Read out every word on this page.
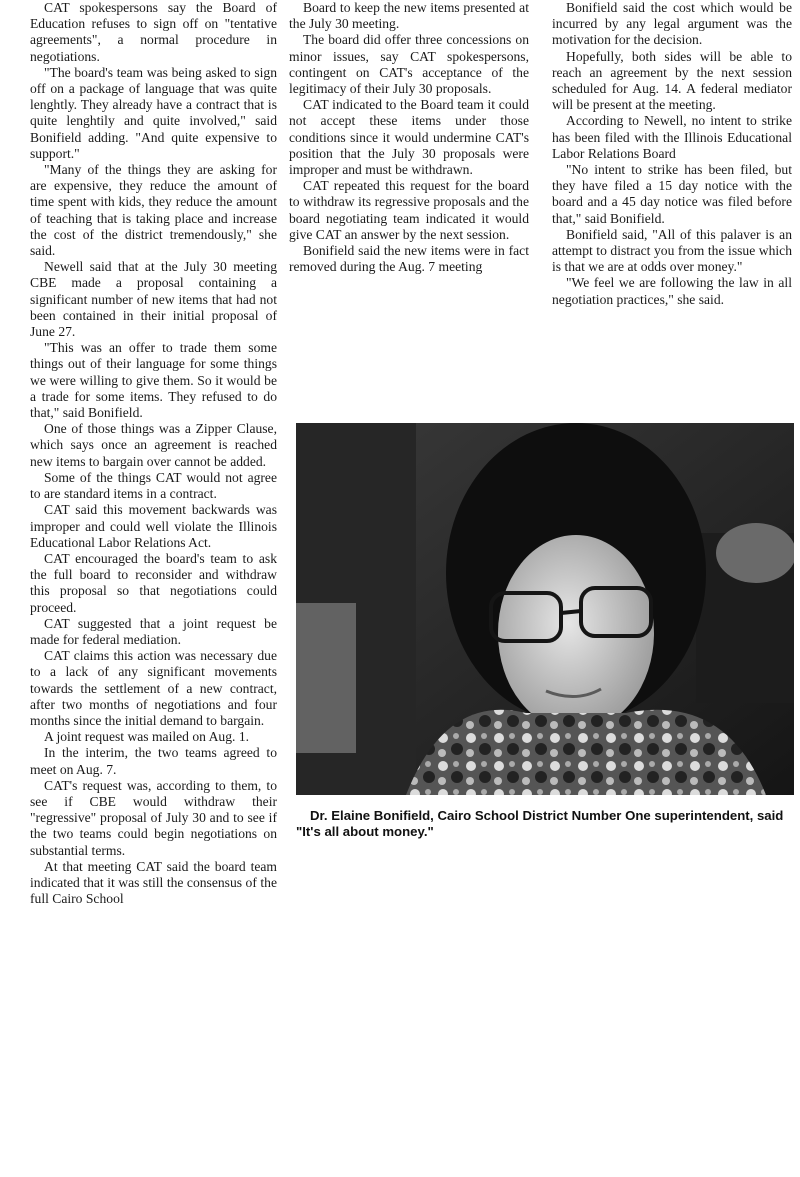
CAT spokespersons say the Board of Education refuses to sign off on "tentative agreements", a normal procedure in negotiations.

"The board's team was being asked to sign off on a package of language that was quite lenghtly. They already have a contract that is quite lenghtily and quite involved," said Bonifield adding. "And quite expensive to support."

"Many of the things they are asking for are expensive, they reduce the amount of time spent with kids, they reduce the amount of teaching that is taking place and increase the cost of the district tremendously," she said.

Newell said that at the July 30 meeting CBE made a proposal containing a significant number of new items that had not been contained in their initial proposal of June 27.

"This was an offer to trade them some things out of their language for some things we were willing to give them. So it would be a trade for some items. They refused to do that," said Bonifield.

One of those things was a Zipper Clause, which says once an agreement is reached new items to bargain over cannot be added.

Some of the things CAT would not agree to are standard items in a contract.

CAT said this movement backwards was improper and could well violate the Illinois Educational Labor Relations Act.

CAT encouraged the board's team to ask the full board to reconsider and withdraw this proposal so that negotiations could proceed.

CAT suggested that a joint request be made for federal mediation.

CAT claims this action was necessary due to a lack of any significant movements towards the settlement of a new contract, after two months of negotiations and four months since the initial demand to bargain.

A joint request was mailed on Aug. 1.

In the interim, the two teams agreed to meet on Aug. 7.

CAT's request was, according to them, to see if CBE would withdraw their "regressive" proposal of July 30 and to see if the two teams could begin negotiations on substantial terms.

At that meeting CAT said the board team indicated that it was still the consensus of the full Cairo School

Board to keep the new items presented at the July 30 meeting.

The board did offer three concessions on minor issues, say CAT spokespersons, contingent on CAT's acceptance of the legitimacy of their July 30 proposals.

CAT indicated to the Board team it could not accept these items under those conditions since it would undermine CAT's position that the July 30 proposals were improper and must be withdrawn.

CAT repeated this request for the board to withdraw its regressive proposals and the board negotiating team indicated it would give CAT an answer by the next session.

Bonifield said the new items were in fact removed during the Aug. 7 meeting

Bonifield said the cost which would be incurred by any legal argument was the motivation for the decision.

Hopefully, both sides will be able to reach an agreement by the next session scheduled for Aug. 14. A federal mediator will be present at the meeting.

According to Newell, no intent to strike has been filed with the Illinois Educational Labor Relations Board

"No intent to strike has been filed, but they have filed a 15 day notice with the board and a 45 day notice was filed before that," said Bonifield.

Bonifield said, "All of this palaver is an attempt to distract you from the issue which is that we are at odds over money."

"We feel we are following the law in all negotiation practices," she said.

Dr. Elaine Bonifield, Cairo School District Number One superintendent, said "It's all about money."
